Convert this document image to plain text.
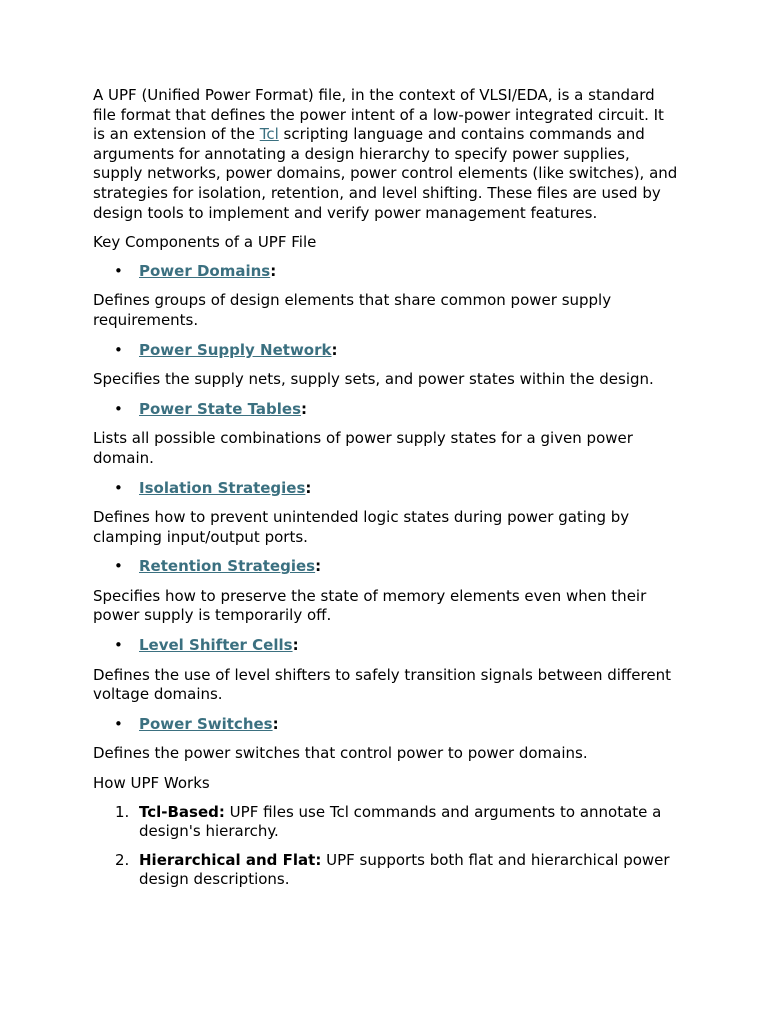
A UPF (Unified Power Format) file, in the context of VLSI/EDA, is a standard file format that defines the power intent of a low-power integrated circuit. It is an extension of the Tcl scripting language and contains commands and arguments for annotating a design hierarchy to specify power supplies, supply networks, power domains, power control elements (like switches), and strategies for isolation, retention, and level shifting. These files are used by design tools to implement and verify power management features.

Key Components of a UPF File

• Power Domains:

Defines groups of design elements that share common power supply requirements.

• Power Supply Network:

Specifies the supply nets, supply sets, and power states within the design.

• Power State Tables:

Lists all possible combinations of power supply states for a given power domain.

• Isolation Strategies:

Defines how to prevent unintended logic states during power gating by clamping input/output ports.

• Retention Strategies:

Specifies how to preserve the state of memory elements even when their power supply is temporarily off.

• Level Shifter Cells:

Defines the use of level shifters to safely transition signals between different voltage domains.

• Power Switches:

Defines the power switches that control power to power domains.

How UPF Works

1. Tcl-Based: UPF files use Tcl commands and arguments to annotate a design's hierarchy.
2. Hierarchical and Flat: UPF supports both flat and hierarchical power design descriptions.
